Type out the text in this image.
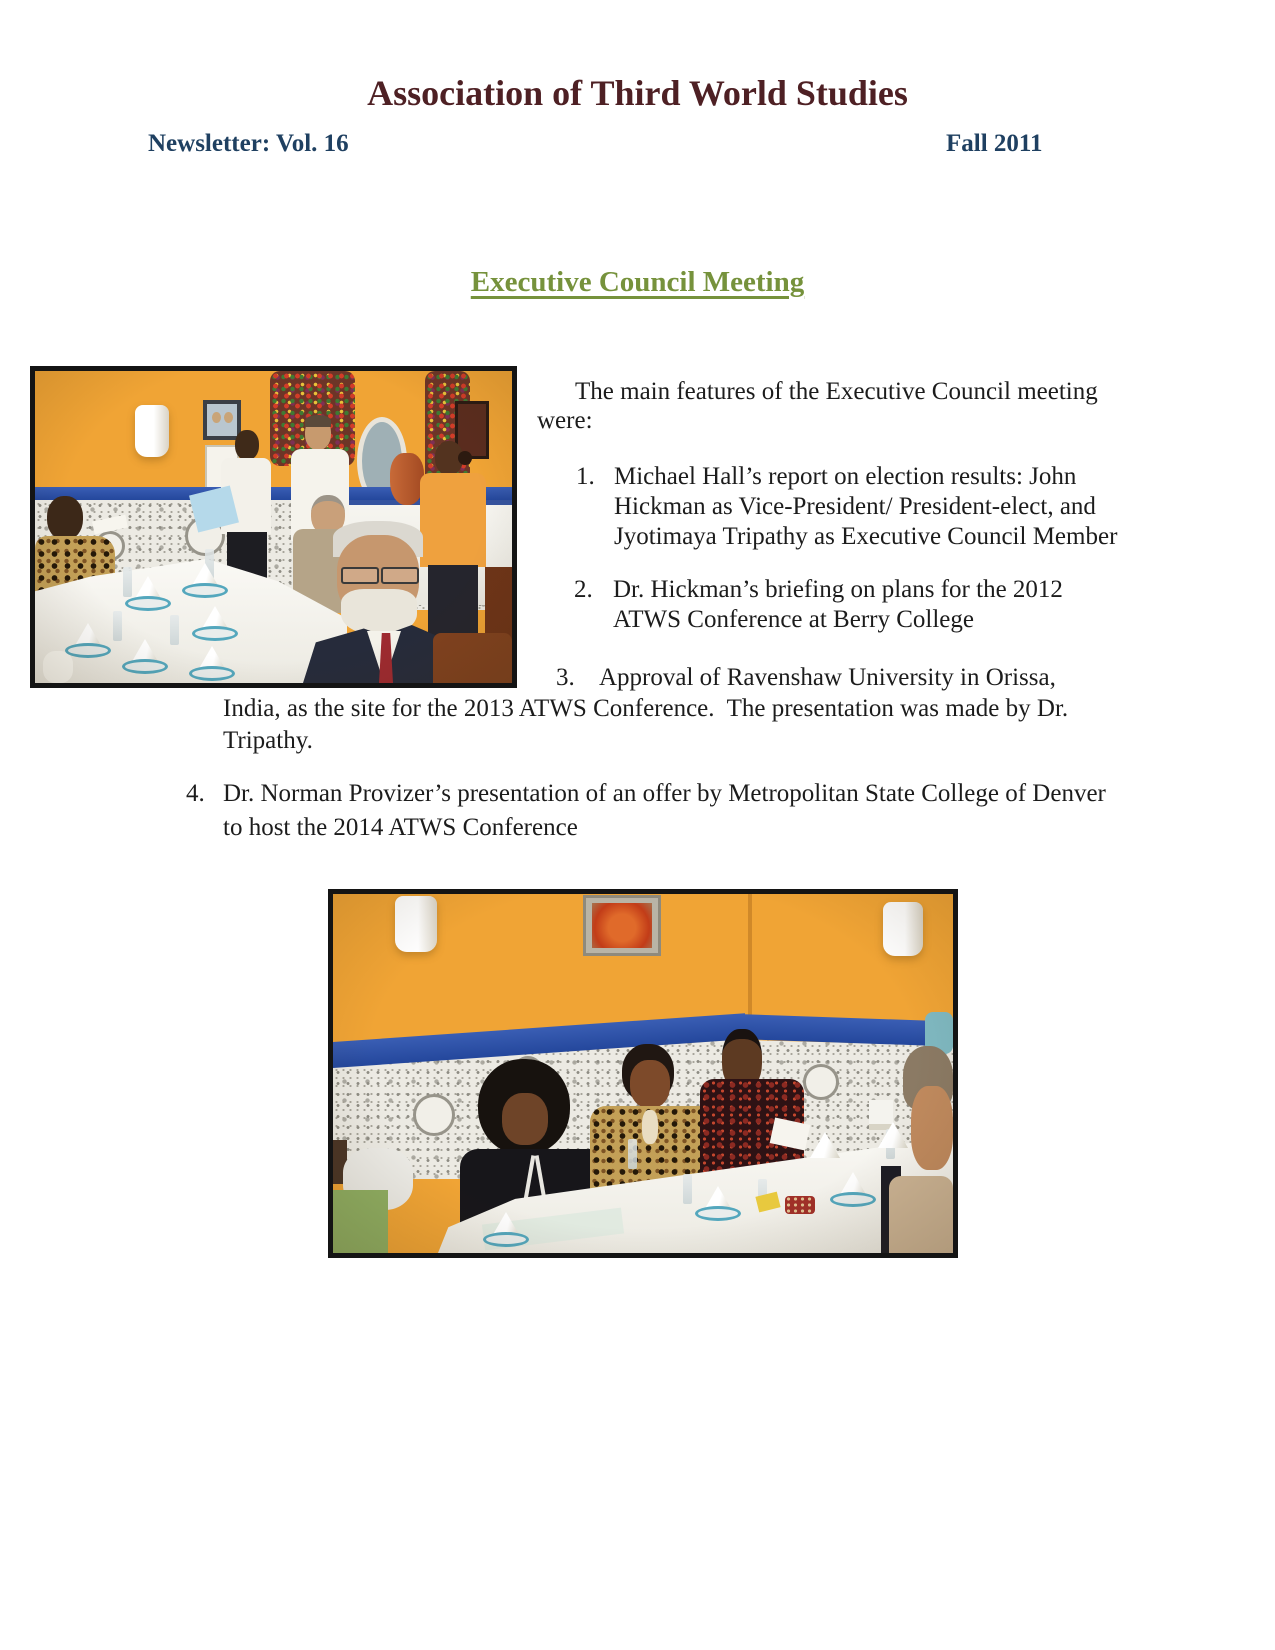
Association of Third World Studies
Newsletter: Vol. 16	Fall 2011
Executive Council Meeting
The main features of the Executive Council meeting
were:
1. Michael Hall’s report on election results: John
Hickman as Vice-President/ President-elect, and
Jyotimaya Tripathy as Executive Council Member
2. Dr. Hickman’s briefing on plans for the 2012
ATWS Conference at Berry College
3. Approval of Ravenshaw University in Orissa,
India, as the site for the 2013 ATWS Conference.  The presentation was made by Dr.
Tripathy.
4. Dr. Norman Provizer’s presentation of an offer by Metropolitan State College of Denver
to host the 2014 ATWS Conference
